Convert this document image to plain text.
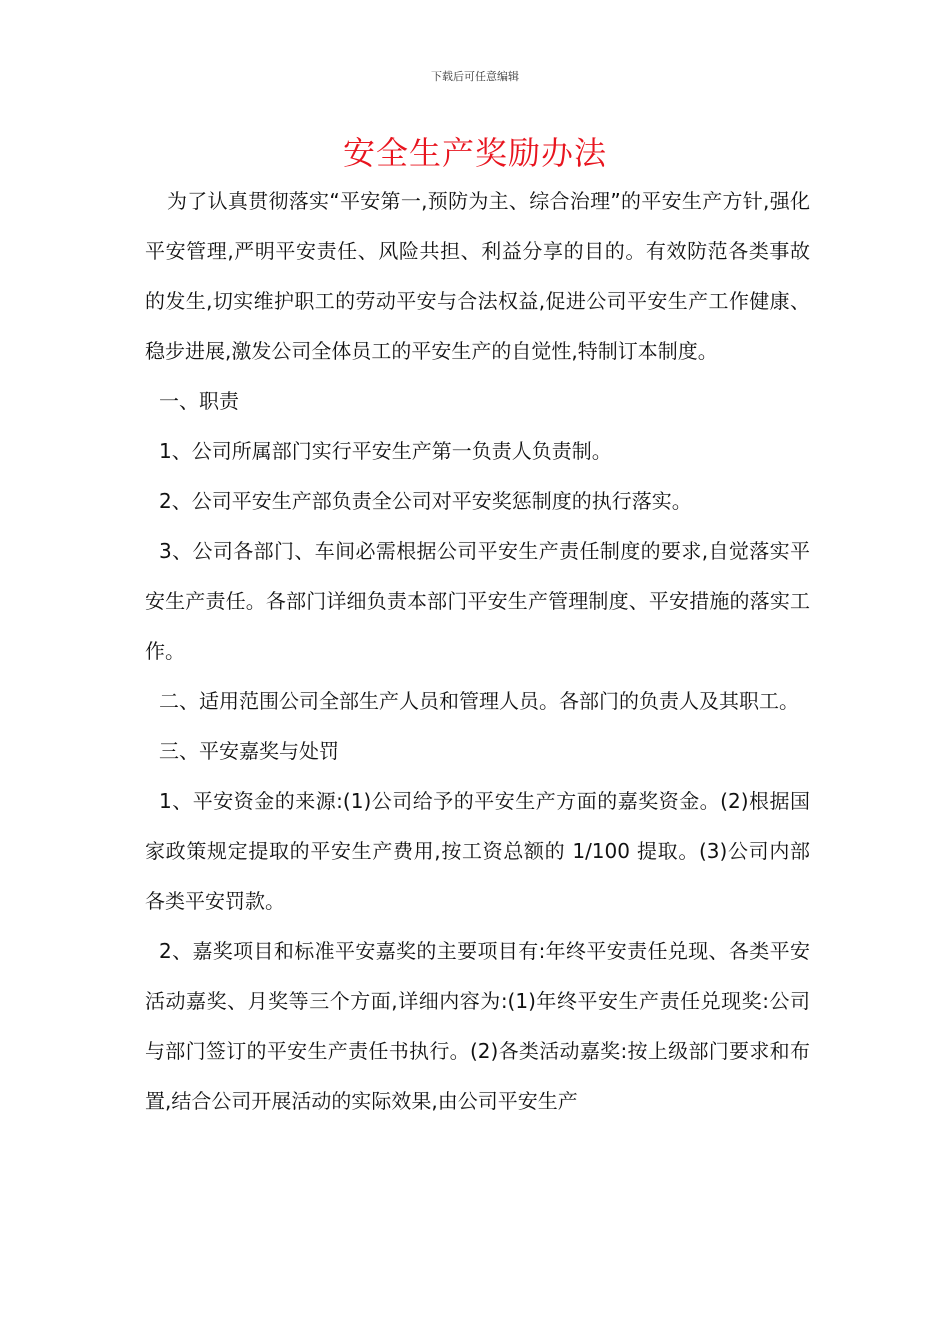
下载后可任意编辑
安全生产奖励办法

为了认真贯彻落实“平安第一,预防为主、综合治理”的平安生产方针,强化平安管理,严明平安责任、风险共担、利益分享的目的。有效防范各类事故的发生,切实维护职工的劳动平安与合法权益,促进公司平安生产工作健康、稳步进展,激发公司全体员工的平安生产的自觉性,特制订本制度。

一、职责

1、公司所属部门实行平安生产第一负责人负责制。

2、公司平安生产部负责全公司对平安奖惩制度的执行落实。

3、公司各部门、车间必需根据公司平安生产责任制度的要求,自觉落实平安生产责任。各部门详细负责本部门平安生产管理制度、平安措施的落实工作。

二、适用范围公司全部生产人员和管理人员。各部门的负责人及其职工。

三、平安嘉奖与处罚

1、平安资金的来源:(1)公司给予的平安生产方面的嘉奖资金。(2)根据国家政策规定提取的平安生产费用,按工资总额的 1/100 提取。(3)公司内部各类平安罚款。

2、嘉奖项目和标准平安嘉奖的主要项目有:年终平安责任兑现、各类平安活动嘉奖、月奖等三个方面,详细内容为:(1)年终平安生产责任兑现奖:公司与部门签订的平安生产责任书执行。(2)各类活动嘉奖:按上级部门要求和布置,结合公司开展活动的实际效果,由公司平安生产
